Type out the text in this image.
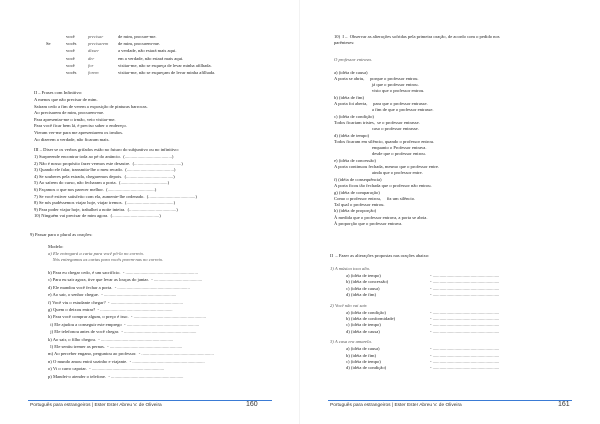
você	precisar	de mim, procure-me.
Se	vocês	precisarem de mim, procurem-me.
você	disser	a verdade, não estará mais aqui.
você	der	em a verdade, não estará mais aqui.
você	for	visitar-me, não se esqueça de levar minha afilhada.
vocês	forem	visitar-me, não se esqueçam de levar minha afilhada.
II – Frases com Infinitivo:
A menos que não precisar de mim.
Saíram cedo a fim de verem a exposição de pinturas barrocas.
Ao precisarem de mim, procurem-me.
Para apresentar-me o irmão, veio visitar-me.
Para você ficar bem lá, é preciso saber o endereço.
Vieram ver-me para me apresentarem os irmãos.
Ao dizerem a verdade, não ficaram mais.
III – Diser se os verbos grifados estão no futuro do subjuntivo ou no infinitivo:
1) Surpreende encontrar toda ao pé do anúncio.  (.........................................)
2) Não é nosso propósito fazer vermos este desastre.  (.........................................)
3) Quando ele falar, transmita-lhe o meu recado.  (.........................................)
4) Se souberes pela estrada, chegaremos depois.  (.........................................)
5) Ao saírem do curso, não fecharam a porta.  (.........................................)
6) Façamos o que nos parecer melhor.  (.........................................)
7) Se você estiver satisfeito com ela, aumente-lhe ordenado.  (.........................................)
8) Se nós pudéssemos viajar hoje, viajar iremos.  (.........................................)
9) Para poder viajar hoje, trabalhei a noite inteira.  (.........................................)
10) Ninguém vai precisar de mim agora.  (.........................................)
9) Passar para o plural as orações:
Modelo:
a) Ele entregará a carta para você pô-la no correio.
Nós entregamos as cartas para vocês porem-nas no correio.
b) Para eu chegar cedo, é um sacrifício.  - ...............................................................
c) Para eu sair agora, tive que levar as louças do jantar.  - ..........................................
d) Ele mandou você fechar a porta.  - ...............................................................
e) Ao sair, o senhor chegue.  - ...............................................................
f) Você viu o estudante chegar?  - ...............................................................
g) Quem o deixou entrar?  - ...............................................................
h) Para você comprar algum, o preço é isso.  - ...............................................................
i) Ele ajudou a conseguir este emprego  - ...............................................................
j) Ele telefonou antes de você chegar.  - ...............................................................
k) Ao sair, o filho chegou.  - ...............................................................
l) Ele sentiu tremer as pernas.  - ...............................................................
m) Ao perceber engano, perguntou ao professor.  - ...............................................................
n) O mundo amou entrá sozinho e viajante.  - ...............................................................
o) Vi o carro capotar.  - ...............................................................
p) Mandei-o atender o telefone.  - ...............................................................
Português para estrangeiros | Ester Ester Abreu V. de Oliveira	160
10)  I –  Observar as alterações sofridas pela primeira oração, de acordo com o pedido nos
parênteses:
O professor entrava.
a) (idéia de causa)
A porta se abriu,     porque o professor entrou.
já que o professor entrou.
visto que o professor entrou.
b) (idéia de fim)
A porta foi aberta,     para que o professor entrasse.
a fim de que o professor entrasse.
c) (idéia de condição)
Todos ficariam tristes,  se o professor entrasse.
caso o professor entrasse.
d) (idéia de tempo)
Todos ficaram em silêncio, quando o professor entrou.
enquanto o Professor entrava.
desde que o professor entrou.
e) (idéia de concessão)
A porta continuou fechada, mesmo que o professor entre.
ainda que o professor entre.
f) (idéia de consequência)
A porta ficou tão fechada que o professor não entrou.
g) (idéia de comparação)
Como o professor entrou,     fiz um silêncio.
Tal qual o professor entrou.
h) (idéia de proporção)
À medida que o professor entrava, a porta se abria.
À proporção que o professor entrava.
II  – Fazer as alterações propostas nas orações abaixo:
1) A música toca alto.
a) (idéia de tempo)	- ..........................................................
b) (idéia de concessão)	- ..........................................................
c) (idéia de causa)	- ..........................................................
d) (idéia de fim)	- ..........................................................
2) Você não vai sair.
a) (idéia de condição)	- ..........................................................
b) (idéia de conformidade)	- ..........................................................
c) (idéia de tempo)	- ..........................................................
d) (idéia de causa)	- ..........................................................
3) A casa era amarela.
a) (idéia de causa)	- ..........................................................
b) (idéia de fim)	- ..........................................................
c) (idéia de tempo)	- ..........................................................
d) (idéia de condição)	- ..........................................................
Português para estrangeiros | Ester Ester Abreu V. de Oliveira	161
